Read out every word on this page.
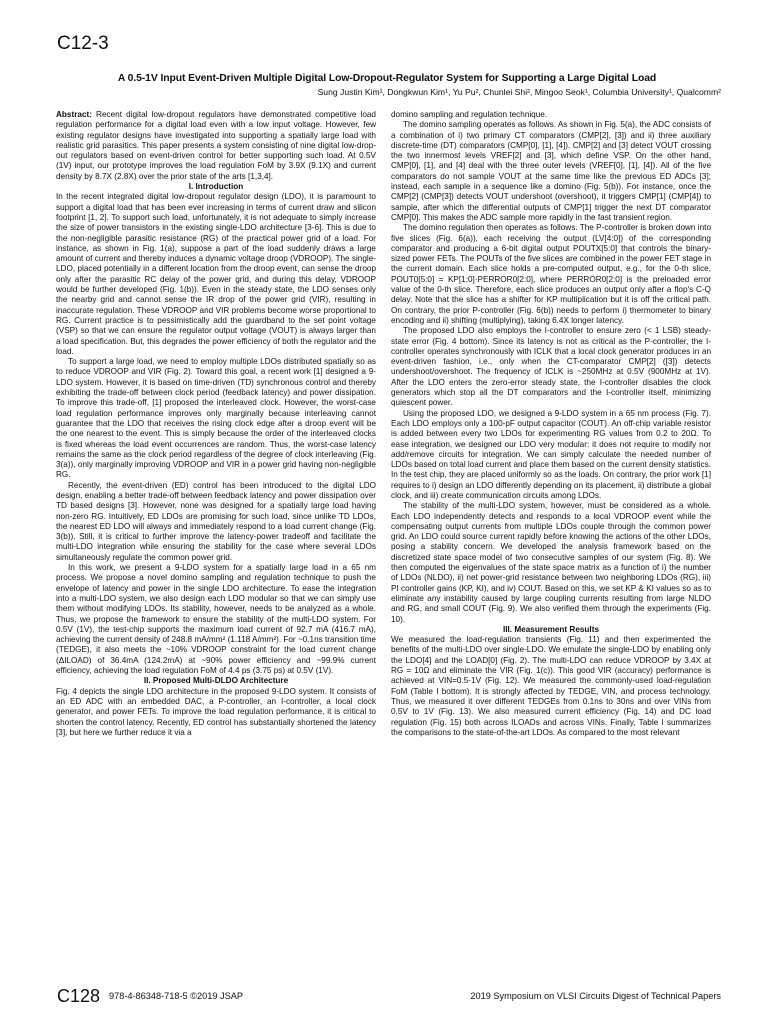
C12-3
A 0.5-1V Input Event-Driven Multiple Digital Low-Dropout-Regulator System for Supporting a Large Digital Load
Sung Justin Kim¹, Dongkwun Kim¹, Yu Pu², Chunlei Shi², Mingoo Seok¹, Columbia University¹, Qualcomm²

Abstract: Recent digital low-dropout regulators have demonstrated competitive load regulation performance for a digital load even with a low input voltage. However, few existing regulator designs have investigated into supporting a spatially large load with realistic grid parasitics. This paper presents a system consisting of nine digital low-drop-out regulators based on event-driven control for better supporting such load. At 0.5V (1V) input, our prototype improves the load regulation FoM by 3.9X (9.1X) and current density by 8.7X (2.8X) over the prior state of the arts [1,3,4].

I. Introduction

In the recent integrated digital low-dropout regulator design (LDO), it is paramount to support a digital load that has been ever increasing in terms of current draw and silicon footprint [1, 2]. To support such load, unfortunately, it is not adequate to simply increase the size of power transistors in the existing single-LDO architecture [3-6]. This is due to the non-negligible parasitic resistance (RG) of the practical power grid of a load. For instance, as shown in Fig. 1(a), suppose a part of the load suddenly draws a large amount of current and thereby induces a dynamic voltage droop (VDROOP). The single-LDO, placed potentially in a different location from the droop event, can sense the droop only after the parasitic RC delay of the power grid, and during this delay, VDROOP would be further developed (Fig. 1(b)). Even in the steady state, the LDO senses only the nearby grid and cannot sense the IR drop of the power grid (VIR), resulting in inaccurate regulation. These VDROOP and VIR problems become worse proportional to RG. Current practice is to pessimistically add the guardband to the set point voltage (VSP) so that we can ensure the regulator output voltage (VOUT) is always larger than a load specification. But, this degrades the power efficiency of both the regulator and the load.

To support a large load, we need to employ multiple LDOs distributed spatially so as to reduce VDROOP and VIR (Fig. 2). Toward this goal, a recent work [1] designed a 9-LDO system. However, it is based on time-driven (TD) synchronous control and thereby exhibiting the trade-off between clock period (feedback latency) and power dissipation. To improve this trade-off, [1] proposed the interleaved clock. However, the worst-case load regulation performance improves only marginally because interleaving cannot guarantee that the LDO that receives the rising clock edge after a droop event will be the one nearest to the event. This is simply because the order of the interleaved clocks is fixed whereas the load event occurrences are random. Thus, the worst-case latency remains the same as the clock period regardless of the degree of clock interleaving (Fig. 3(a)), only marginally improving VDROOP and VIR in a power grid having non-negligible RG.

Recently, the event-driven (ED) control has been introduced to the digital LDO design, enabling a better trade-off between feedback latency and power dissipation over TD based designs [3]. However, none was designed for a spatially large load having non-zero RG. Intuitively, ED LDOs are promising for such load, since unlike TD LDOs, the nearest ED LDO will always and immediately respond to a load current change (Fig. 3(b)). Still, it is critical to further improve the latency-power tradeoff and facilitate the multi-LDO integration while ensuring the stability for the case where several LDOs simultaneously regulate the common power grid.

In this work, we present a 9-LDO system for a spatially large load in a 65 nm process. We propose a novel domino sampling and regulation technique to push the envelope of latency and power in the single LDO architecture. To ease the integration into a multi-LDO system, we also design each LDO modular so that we can simply use them without modifying LDOs. Its stability, however, needs to be analyzed as a whole. Thus, we propose the framework to ensure the stability of the multi-LDO system. For 0.5V (1V), the test-chip supports the maximum load current of 92.7 mA (416.7 mA), achieving the current density of 248.8 mA/mm² (1.118 A/mm²). For ~0.1ns transition time (TEDGE), it also meets the ~10% VDROOP constraint for the load current change (ΔILOAD) of 36.4mA (124.2mA) at ~90% power efficiency and ~99.9% current efficiency, achieving the load regulation FoM of 4.4 ps (3.75 ps) at 0.5V (1V).

II. Proposed Multi-DLDO Architecture

Fig. 4 depicts the single LDO architecture in the proposed 9-LDO system. It consists of an ED ADC with an embedded DAC, a P-controller, an I-controller, a local clock generator, and power FETs. To improve the load regulation performance, it is critical to shorten the control latency. Recently, ED control has substantially shortened the latency [3], but here we further reduce it via a

domino sampling and regulation technique.

The domino sampling operates as follows. As shown in Fig. 5(a), the ADC consists of a combination of i) two primary CT comparators (CMP[2], [3]) and ii) three auxiliary discrete-time (DT) comparators (CMP[0], [1], [4]). CMP[2] and [3] detect VOUT crossing the two innermost levels VREF[2] and [3], which define VSP. On the other hand, CMP[0], [1], and [4] deal with the three outer levels (VREF[0], [1], [4]). All of the five comparators do not sample VOUT at the same time like the previous ED ADCs [3]; instead, each sample in a sequence like a domino (Fig. 5(b)). For instance, once the CMP[2] (CMP[3]) detects VOUT undershoot (overshoot), it triggers CMP[1] (CMP[4]) to sample, after which the differential outputs of CMP[1] trigger the next DT comparator CMP[0]. This makes the ADC sample more rapidly in the fast transient region.

The domino regulation then operates as follows. The P-controller is broken down into five slices (Fig. 6(a)), each receiving the output (LV[4:0]) of the corresponding comparator and producing a 6-bit digital output POUTX[5:0] that controls the binary-sized power FETs. The POUTs of the five slices are combined in the power FET stage in the current domain. Each slice holds a pre-computed output, e.g., for the 0-th slice, POUT0[5:0] = KP[1:0]·PERROR0[2:0], where PERROR0[2:0] is the preloaded error value of the 0-th slice. Therefore, each slice produces an output only after a flop's C-Q delay. Note that the slice has a shifter for KP multiplication but it is off the critical path. On contrary, the prior P-controller (Fig. 6(b)) needs to perform i) thermometer to binary encoding and ii) shifting (multiplying), taking 6.4X longer latency.

The proposed LDO also employs the I-controller to ensure zero (< 1 LSB) steady-state error (Fig. 4 bottom). Since its latency is not as critical as the P-controller, the I-controller operates synchronously with ICLK that a local clock generator produces in an event-driven fashion, i.e., only when the CT-comparator CMP[2] ([3]) detects undershoot/overshoot. The frequency of ICLK is ~250MHz at 0.5V (900MHz at 1V). After the LDO enters the zero-error steady state, the I-controller disables the clock generators which stop all the DT comparators and the I-controller itself, minimizing quiescent power.

Using the proposed LDO, we designed a 9-LDO system in a 65 nm process (Fig. 7). Each LDO employs only a 100-pF output capacitor (COUT). An off-chip variable resistor is added between every two LDOs for experimenting RG values from 0.2 to 20Ω. To ease integration, we designed our LDO very modular: it does not require to modify nor add/remove circuits for integration. We can simply calculate the needed number of LDOs based on total load current and place them based on the current density statistics. In the test chip, they are placed uniformly so as the loads. On contrary, the prior work [1] requires to i) design an LDO differently depending on its placement, ii) distribute a global clock, and iii) create communication circuits among LDOs.

The stability of the multi-LDO system, however, must be considered as a whole. Each LDO independently detects and responds to a local VDROOP event while the compensating output currents from multiple LDOs couple through the common power grid. An LDO could source current rapidly before knowing the actions of the other LDOs, posing a stability concern. We developed the analysis framework based on the discretized state space model of two consecutive samples of our system (Fig. 8). We then computed the eigenvalues of the state space matrix as a function of i) the number of LDOs (NLDO), ii) net power-grid resistance between two neighboring LDOs (RG), iii) PI controller gains (KP, KI), and iv) COUT. Based on this, we set KP & KI values so as to eliminate any instability caused by large coupling currents resulting from large NLDO and RG, and small COUT (Fig. 9). We also verified them through the experiments (Fig. 10).

III. Measurement Results

We measured the load-regulation transients (Fig. 11) and then experimented the benefits of the multi-LDO over single-LDO. We emulate the single-LDO by enabling only the LDO[4] and the LOAD[0] (Fig. 2). The multi-LDO can reduce VDROOP by 3.4X at RG = 10Ω and eliminate the VIR (Fig. 1(c)). This good VIR (accuracy) performance is achieved at VIN=0.5-1V (Fig. 12). We measured the commonly-used load-regulation FoM (Table I bottom). It is strongly affected by TEDGE, VIN, and process technology. Thus, we measured it over different TEDGEs from 0.1ns to 30ns and over VINs from 0.5V to 1V (Fig. 13). We also measured current efficiency (Fig. 14) and DC load regulation (Fig. 15) both across ILOADs and across VINs. Finally, Table I summarizes the comparisons to the state-of-the-art LDOs. As compared to the most relevant

C128 978-4-86348-718-5 ©2019 JSAP	2019 Symposium on VLSI Circuits Digest of Technical Papers
